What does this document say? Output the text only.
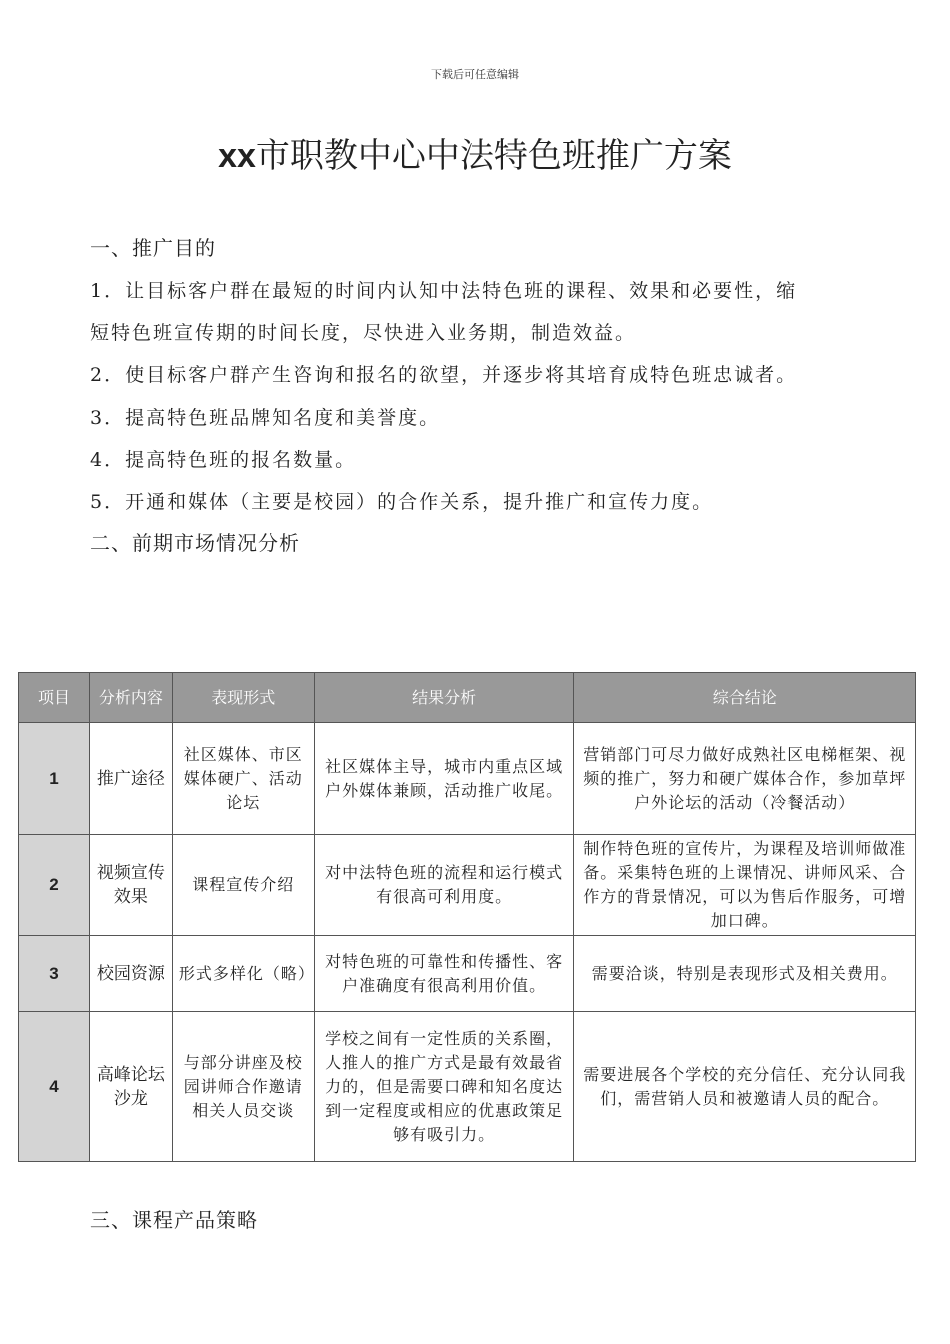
下载后可任意编辑
xx市职教中心中法特色班推广方案
一、推广目的
1．让目标客户群在最短的时间内认知中法特色班的课程、效果和必要性，缩
短特色班宣传期的时间长度，尽快进入业务期，制造效益。
2．使目标客户群产生咨询和报名的欲望，并逐步将其培育成特色班忠诚者。
3．提高特色班品牌知名度和美誉度。
4．提高特色班的报名数量。
5．开通和媒体（主要是校园）的合作关系，提升推广和宣传力度。
二、前期市场情况分析
项目	分析内容	表现形式	结果分析	综合结论
1	推广途径	社区媒体、市区媒体硬广、活动论坛	社区媒体主导，城市内重点区域户外媒体兼顾，活动推广收尾。	营销部门可尽力做好成熟社区电梯框架、视频的推广，努力和硬广媒体合作，参加草坪户外论坛的活动（冷餐活动）
2	视频宣传效果	课程宣传介绍	对中法特色班的流程和运行模式有很高可利用度。	制作特色班的宣传片，为课程及培训师做准备。采集特色班的上课情况、讲师风采、合作方的背景情况，可以为售后作服务，可增加口碑。
3	校园资源	形式多样化（略）	对特色班的可靠性和传播性、客户准确度有很高利用价值。	需要洽谈，特别是表现形式及相关费用。
4	高峰论坛沙龙	与部分讲座及校园讲师合作邀请相关人员交谈	学校之间有一定性质的关系圈，人推人的推广方式是最有效最省力的，但是需要口碑和知名度达到一定程度或相应的优惠政策足够有吸引力。	需要进展各个学校的充分信任、充分认同我们，需营销人员和被邀请人员的配合。
三、课程产品策略
